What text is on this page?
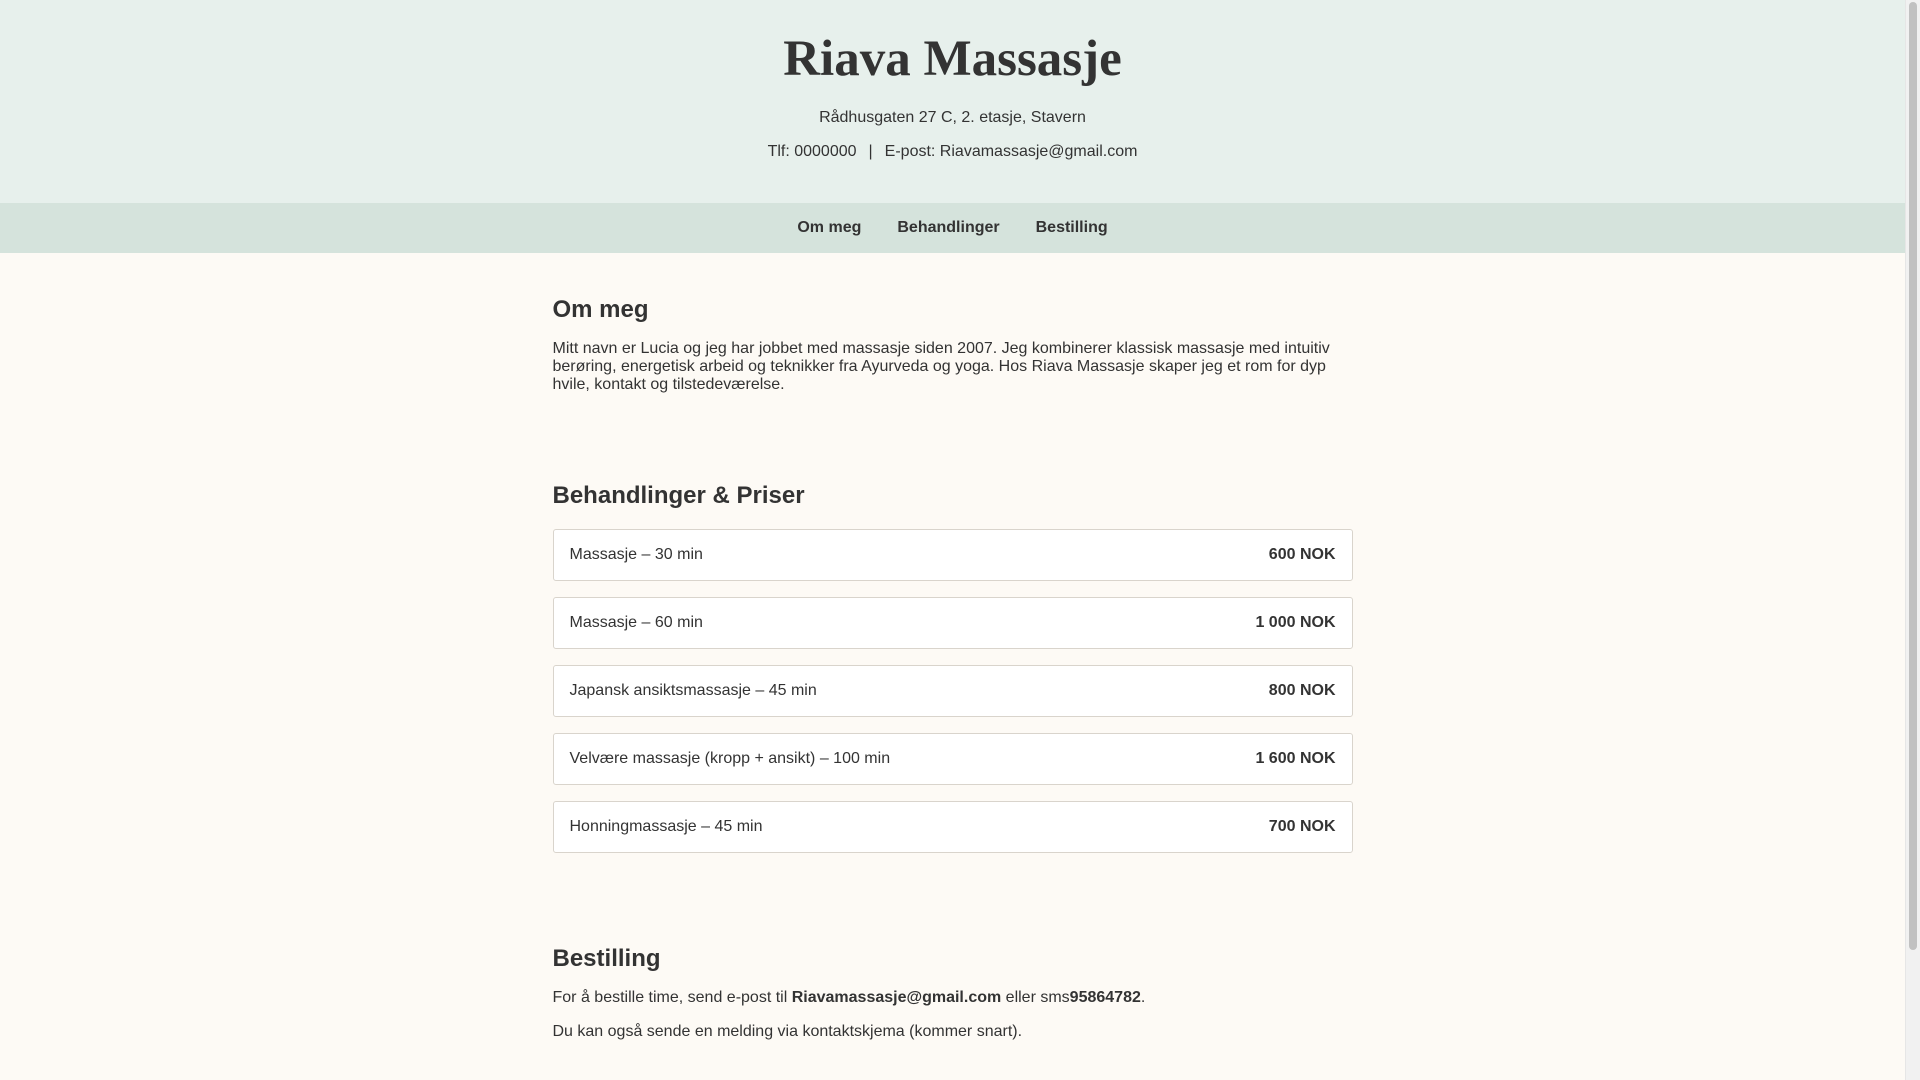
Riava Massasje
Rådhusgaten 27 C, 2. etasje, Stavern
Tlf: 0000000 | E-post: Riavamassasje@gmail.com
Om meg Behandlinger Bestilling
Om meg

Mitt navn er Lucia og jeg har jobbet med massasje siden 2007. Jeg kombinerer klassisk massasje med intuitiv berøring, energetisk arbeid og teknikker fra Ayurveda og yoga. Hos Riava Massasje skaper jeg et rom for dyp hvile, kontakt og tilstedeværelse.

Behandlinger & Priser
Massasje – 30 min	600 NOK
Massasje – 60 min	1 000 NOK
Japansk ansiktsmassasje – 45 min	800 NOK
Velvære massasje (kropp + ansikt) – 100 min	1 600 NOK
Honningmassasje – 45 min	700 NOK
Bestilling

For å bestille time, send e-post til Riavamassasje@gmail.com eller sms95864782.

Du kan også sende en melding via kontaktskjema (kommer snart).
